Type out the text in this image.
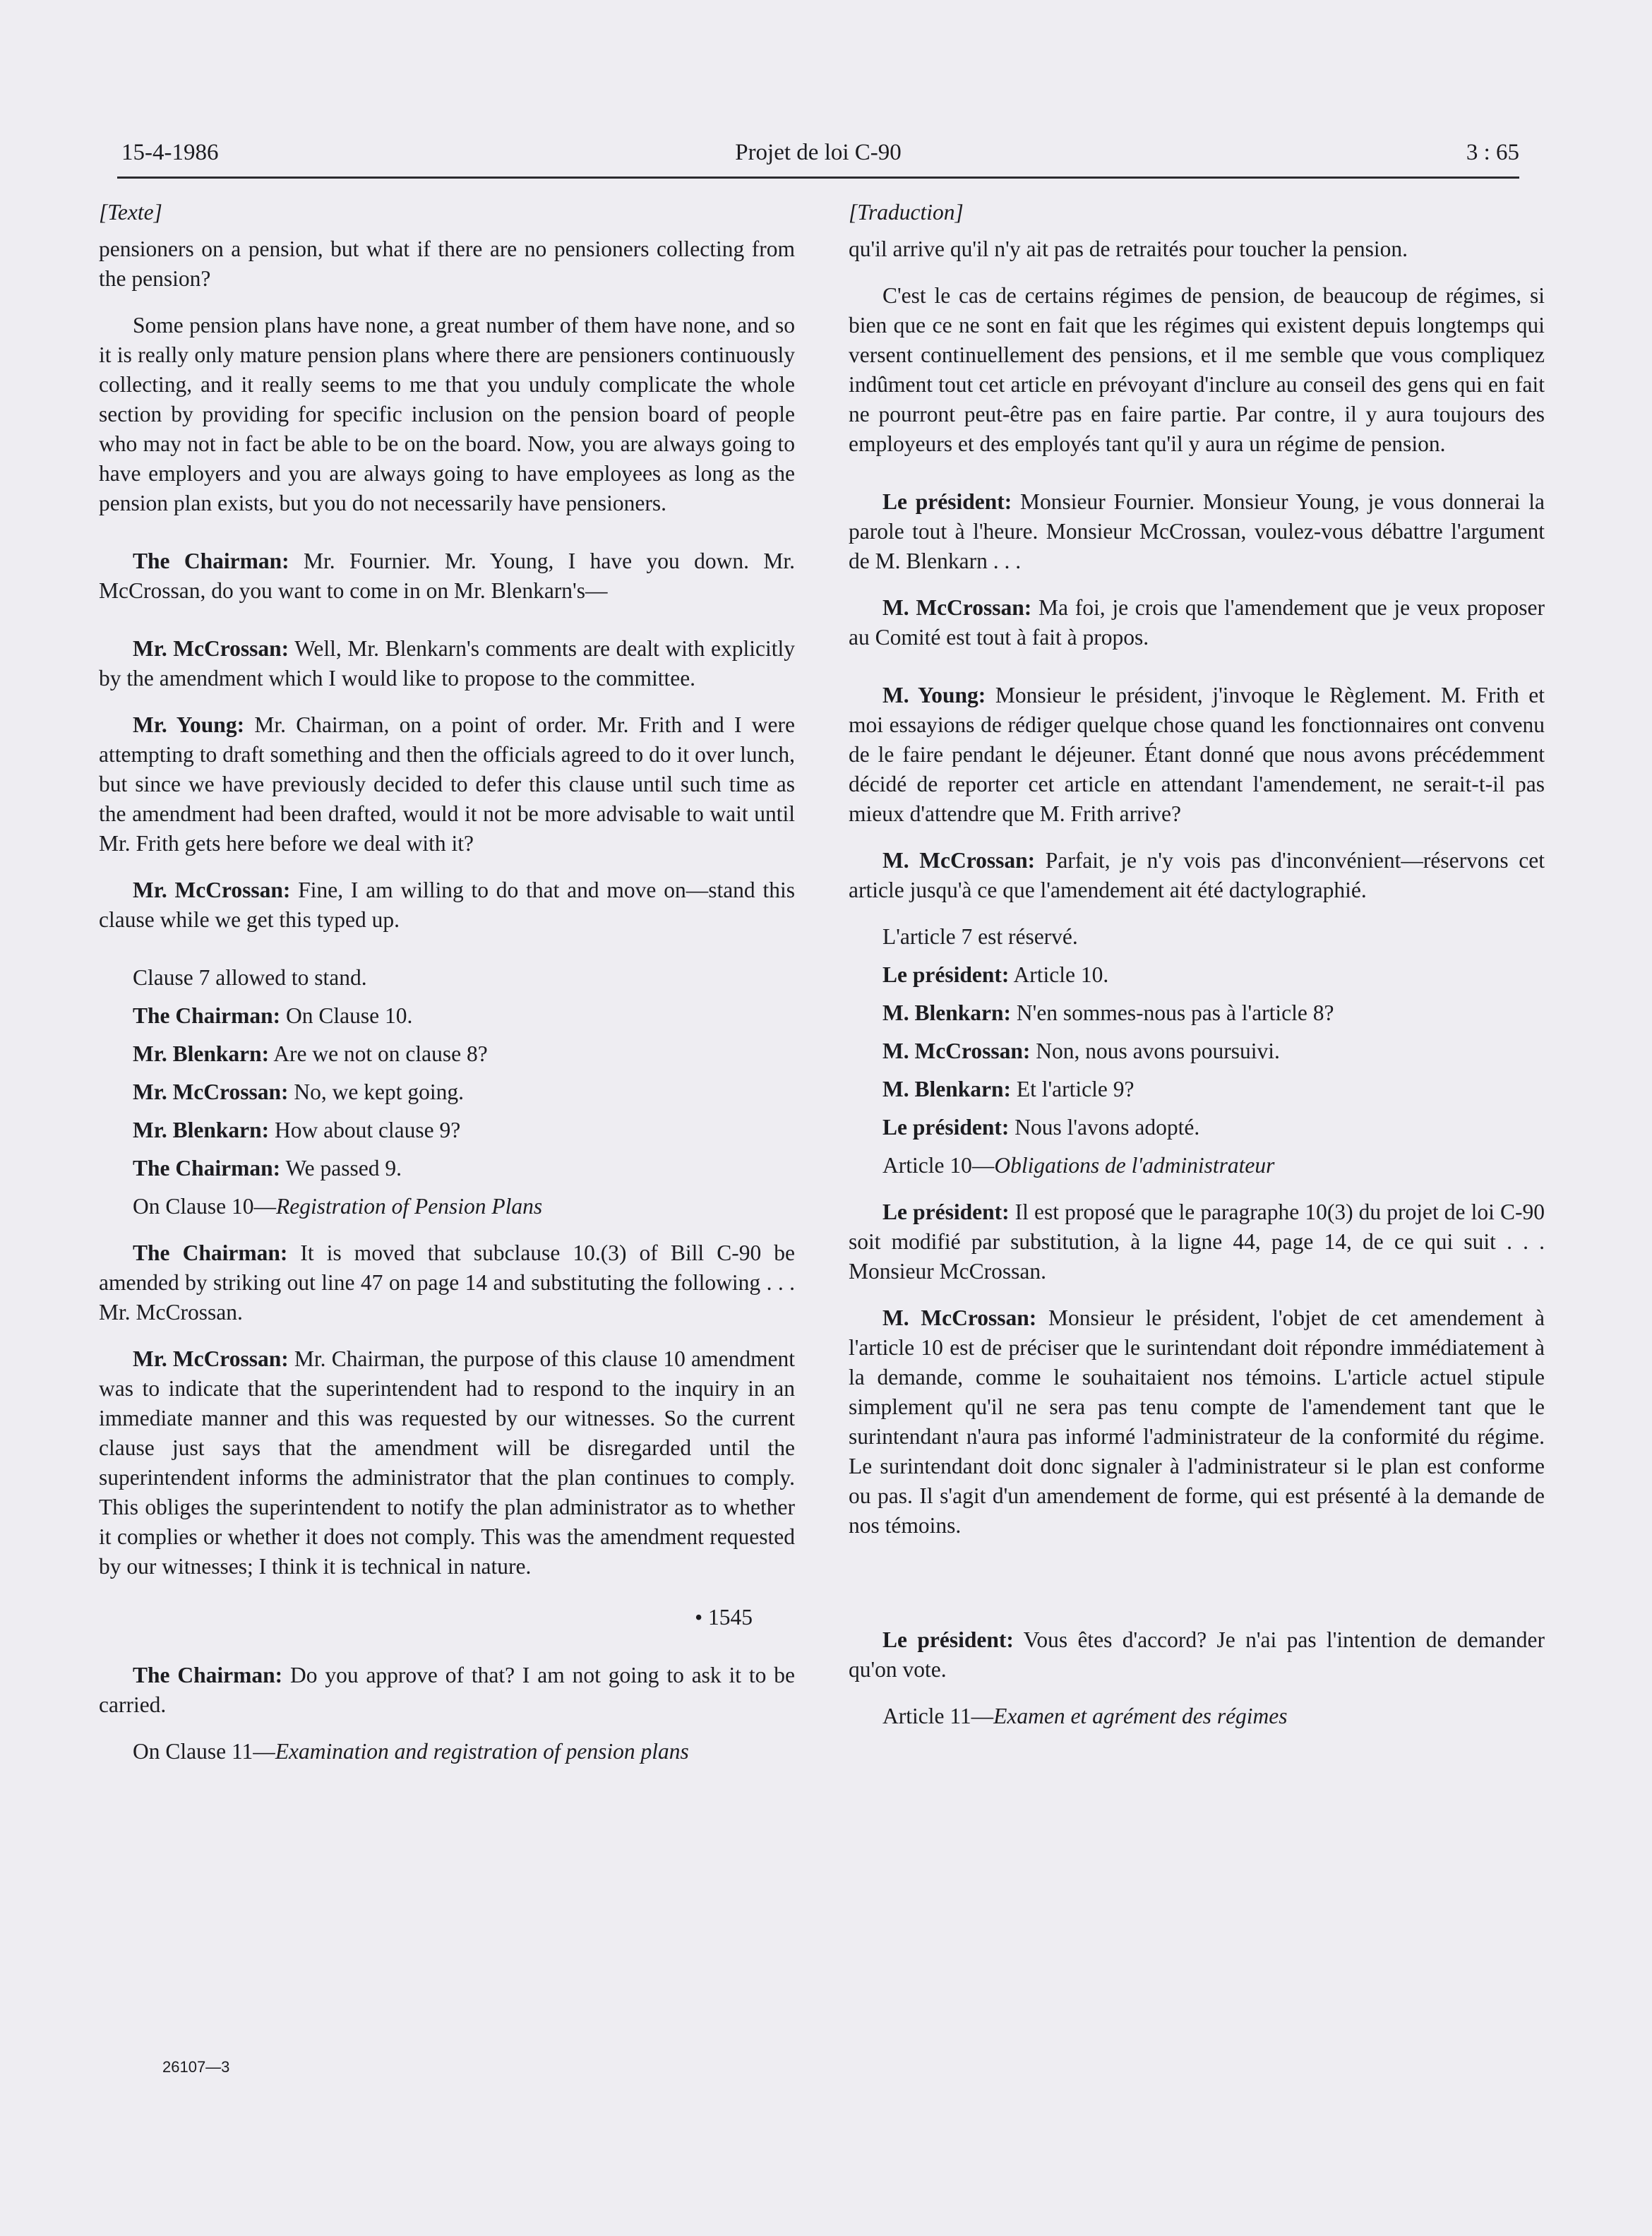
15-4-1986	Projet de loi C-90	3 : 65

[Texte]

pensioners on a pension, but what if there are no pensioners collecting from the pension?

Some pension plans have none, a great number of them have none, and so it is really only mature pension plans where there are pensioners continuously collecting, and it really seems to me that you unduly complicate the whole section by providing for specific inclusion on the pension board of people who may not in fact be able to be on the board. Now, you are always going to have employers and you are always going to have employees as long as the pension plan exists, but you do not necessarily have pensioners.

The Chairman: Mr. Fournier. Mr. Young, I have you down. Mr. McCrossan, do you want to come in on Mr. Blenkarn's—

Mr. McCrossan: Well, Mr. Blenkarn's comments are dealt with explicitly by the amendment which I would like to propose to the committee.

Mr. Young: Mr. Chairman, on a point of order. Mr. Frith and I were attempting to draft something and then the officials agreed to do it over lunch, but since we have previously decided to defer this clause until such time as the amendment had been drafted, would it not be more advisable to wait until Mr. Frith gets here before we deal with it?

Mr. McCrossan: Fine, I am willing to do that and move on—stand this clause while we get this typed up.

Clause 7 allowed to stand.

The Chairman: On Clause 10.

Mr. Blenkarn: Are we not on clause 8?

Mr. McCrossan: No, we kept going.

Mr. Blenkarn: How about clause 9?

The Chairman: We passed 9.

On Clause 10—Registration of Pension Plans

The Chairman: It is moved that subclause 10.(3) of Bill C-90 be amended by striking out line 47 on page 14 and substituting the following . . . Mr. McCrossan.

Mr. McCrossan: Mr. Chairman, the purpose of this clause 10 amendment was to indicate that the superintendent had to respond to the inquiry in an immediate manner and this was requested by our witnesses. So the current clause just says that the amendment will be disregarded until the superintendent informs the administrator that the plan continues to comply. This obliges the superintendent to notify the plan administrator as to whether it complies or whether it does not comply. This was the amendment requested by our witnesses; I think it is technical in nature.

• 1545

The Chairman: Do you approve of that? I am not going to ask it to be carried.

On Clause 11—Examination and registration of pension plans

[Traduction]

qu'il arrive qu'il n'y ait pas de retraités pour toucher la pension.

C'est le cas de certains régimes de pension, de beaucoup de régimes, si bien que ce ne sont en fait que les régimes qui existent depuis longtemps qui versent continuellement des pensions, et il me semble que vous compliquez indûment tout cet article en prévoyant d'inclure au conseil des gens qui en fait ne pourront peut-être pas en faire partie. Par contre, il y aura toujours des employeurs et des employés tant qu'il y aura un régime de pension.

Le président: Monsieur Fournier. Monsieur Young, je vous donnerai la parole tout à l'heure. Monsieur McCrossan, voulez-vous débattre l'argument de M. Blenkarn . . .

M. McCrossan: Ma foi, je crois que l'amendement que je veux proposer au Comité est tout à fait à propos.

M. Young: Monsieur le président, j'invoque le Règlement. M. Frith et moi essayions de rédiger quelque chose quand les fonctionnaires ont convenu de le faire pendant le déjeuner. Étant donné que nous avons précédemment décidé de reporter cet article en attendant l'amendement, ne serait-t-il pas mieux d'attendre que M. Frith arrive?

M. McCrossan: Parfait, je n'y vois pas d'inconvénient—réservons cet article jusqu'à ce que l'amendement ait été dactylographié.

L'article 7 est réservé.

Le président: Article 10.

M. Blenkarn: N'en sommes-nous pas à l'article 8?

M. McCrossan: Non, nous avons poursuivi.

M. Blenkarn: Et l'article 9?

Le président: Nous l'avons adopté.

Article 10—Obligations de l'administrateur

Le président: Il est proposé que le paragraphe 10(3) du projet de loi C-90 soit modifié par substitution, à la ligne 44, page 14, de ce qui suit . . . Monsieur McCrossan.

M. McCrossan: Monsieur le président, l'objet de cet amendement à l'article 10 est de préciser que le surintendant doit répondre immédiatement à la demande, comme le souhaitaient nos témoins. L'article actuel stipule simplement qu'il ne sera pas tenu compte de l'amendement tant que le surintendant n'aura pas informé l'administrateur de la conformité du régime. Le surintendant doit donc signaler à l'administrateur si le plan est conforme ou pas. Il s'agit d'un amendement de forme, qui est présenté à la demande de nos témoins.

Le président: Vous êtes d'accord? Je n'ai pas l'intention de demander qu'on vote.

Article 11—Examen et agrément des régimes

26107—3
